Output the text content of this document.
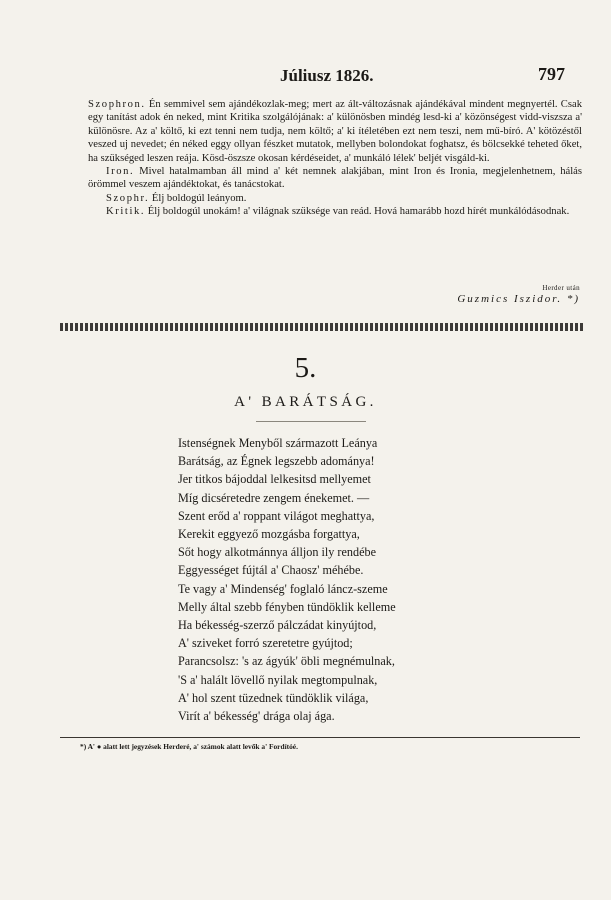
Júliusz 1826.	797

Szophron. Én semmivel sem ajándékozlak-meg; mert az ált-változásnak ajándékával mindent megnyertél. Csak egy tanítást adok én neked, mint Kritika szolgálójának: a' különösben mindég lesd-ki a' közönségest vidd-viszsza a' különösre. Az a' költő, ki ezt tenni nem tudja, nem költő; a' ki ítéletében ezt nem teszi, nem mű-bíró. A' kötözéstől veszed uj nevedet; én néked eggy ollyan fészket mutatok, mellyben bolondokat foghatsz, és bölcsekké teheted őket, ha szükséged leszen reája. Kösd-öszsze okosan kérdéseidet, a' munkáló lélek' beljét visgáld-ki.

Iron. Mivel hatalmamban áll mind a' két nemnek alakjában, mint Iron és Ironia, megjelenhetnem, hálás örömmel veszem ajándéktokat, és tanácstokat.

Szophr. Élj boldogúl leányom.

Kritik. Élj boldogúl unokám! a' világnak szüksége van reád. Hová hamarább hozd hírét munkálódásodnak.

Herder után
Guzmics Iszidor. *)
5.
A' BARÁTSÁG.
Istenségnek Menyből származott Leánya
Barátság, az Égnek legszebb adománya!
Jer titkos bájoddal lelkesitsd mellyemet
Míg dicséretedre zengem énekemet. —
Szent erőd a' roppant világot meghattya,
Kerekit eggyező mozgásba forgattya,
Sőt hogy alkotmánnya álljon ily rendébe
Eggyességet fújtál a' Chaosz' méhébe.
Te vagy a' Mindenség' foglaló láncz-szeme
Melly által szebb fényben tündöklik kelleme
Ha békesség-szerző pálczádat kinyújtod,
A' sziveket forró szeretetre gyújtod;
Parancsolsz: 's az ágyúk' öbli megnémulnak,
'S a' halált lövellő nyilak megtompulnak,
A' hol szent tüzednek tündöklik világa,
Virít a' békesség' drága olaj ága.
*) A' ● alatt lett jegyzések Herderé, a' számok alatt levők a' Fordítóé.
